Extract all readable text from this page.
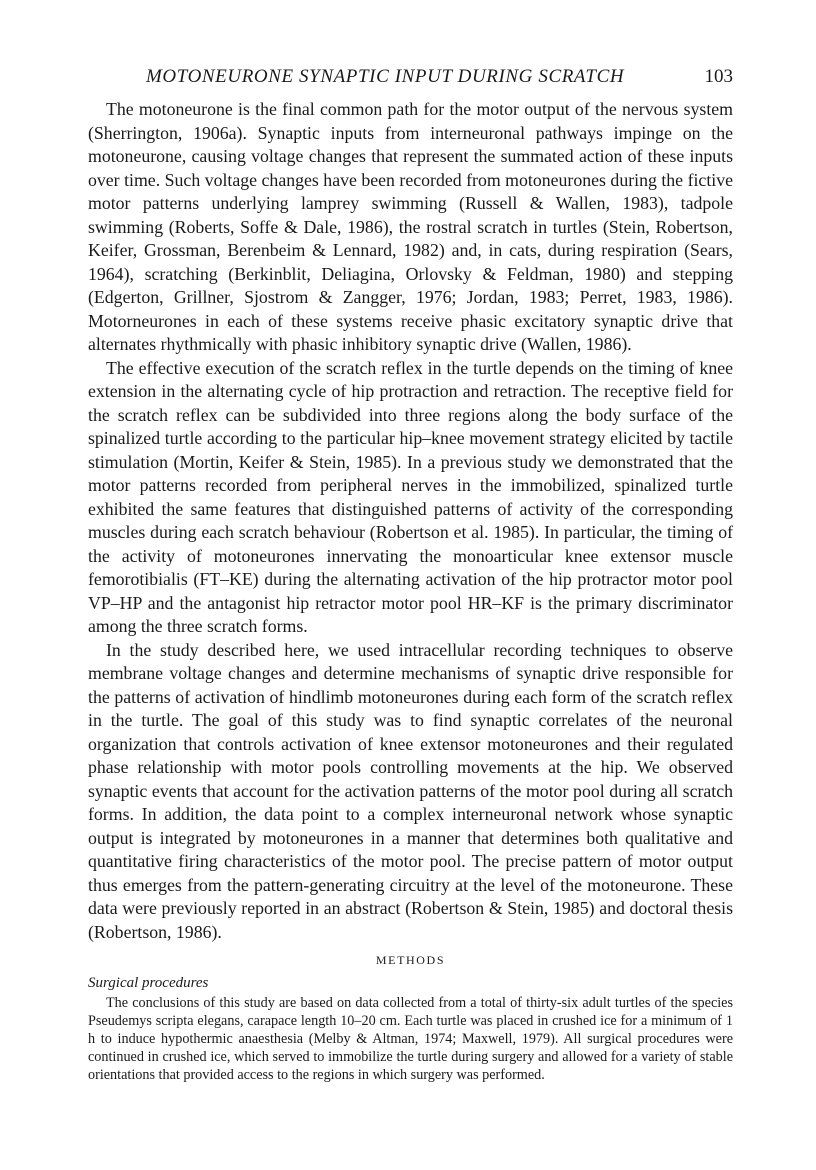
MOTONEURONE SYNAPTIC INPUT DURING SCRATCH	103

The motoneurone is the final common path for the motor output of the nervous system (Sherrington, 1906a). Synaptic inputs from interneuronal pathways impinge on the motoneurone, causing voltage changes that represent the summated action of these inputs over time. Such voltage changes have been recorded from motoneurones during the fictive motor patterns underlying lamprey swimming (Russell & Wallen, 1983), tadpole swimming (Roberts, Soffe & Dale, 1986), the rostral scratch in turtles (Stein, Robertson, Keifer, Grossman, Berenbeim & Lennard, 1982) and, in cats, during respiration (Sears, 1964), scratching (Berkinblit, Deliagina, Orlovsky & Feldman, 1980) and stepping (Edgerton, Grillner, Sjostrom & Zangger, 1976; Jordan, 1983; Perret, 1983, 1986). Motorneurones in each of these systems receive phasic excitatory synaptic drive that alternates rhythmically with phasic inhibitory synaptic drive (Wallen, 1986).

The effective execution of the scratch reflex in the turtle depends on the timing of knee extension in the alternating cycle of hip protraction and retraction. The receptive field for the scratch reflex can be subdivided into three regions along the body surface of the spinalized turtle according to the particular hip–knee movement strategy elicited by tactile stimulation (Mortin, Keifer & Stein, 1985). In a previous study we demonstrated that the motor patterns recorded from peripheral nerves in the immobilized, spinalized turtle exhibited the same features that distinguished patterns of activity of the corresponding muscles during each scratch behaviour (Robertson et al. 1985). In particular, the timing of the activity of motoneurones innervating the monoarticular knee extensor muscle femorotibialis (FT–KE) during the alternating activation of the hip protractor motor pool VP–HP and the antagonist hip retractor motor pool HR–KF is the primary discriminator among the three scratch forms.

In the study described here, we used intracellular recording techniques to observe membrane voltage changes and determine mechanisms of synaptic drive responsible for the patterns of activation of hindlimb motoneurones during each form of the scratch reflex in the turtle. The goal of this study was to find synaptic correlates of the neuronal organization that controls activation of knee extensor motoneurones and their regulated phase relationship with motor pools controlling movements at the hip. We observed synaptic events that account for the activation patterns of the motor pool during all scratch forms. In addition, the data point to a complex interneuronal network whose synaptic output is integrated by motoneurones in a manner that determines both qualitative and quantitative firing characteristics of the motor pool. The precise pattern of motor output thus emerges from the pattern-generating circuitry at the level of the motoneurone. These data were previously reported in an abstract (Robertson & Stein, 1985) and doctoral thesis (Robertson, 1986).

METHODS
Surgical procedures

The conclusions of this study are based on data collected from a total of thirty-six adult turtles of the species Pseudemys scripta elegans, carapace length 10–20 cm. Each turtle was placed in crushed ice for a minimum of 1 h to induce hypothermic anaesthesia (Melby & Altman, 1974; Maxwell, 1979). All surgical procedures were continued in crushed ice, which served to immobilize the turtle during surgery and allowed for a variety of stable orientations that provided access to the regions in which surgery was performed.
